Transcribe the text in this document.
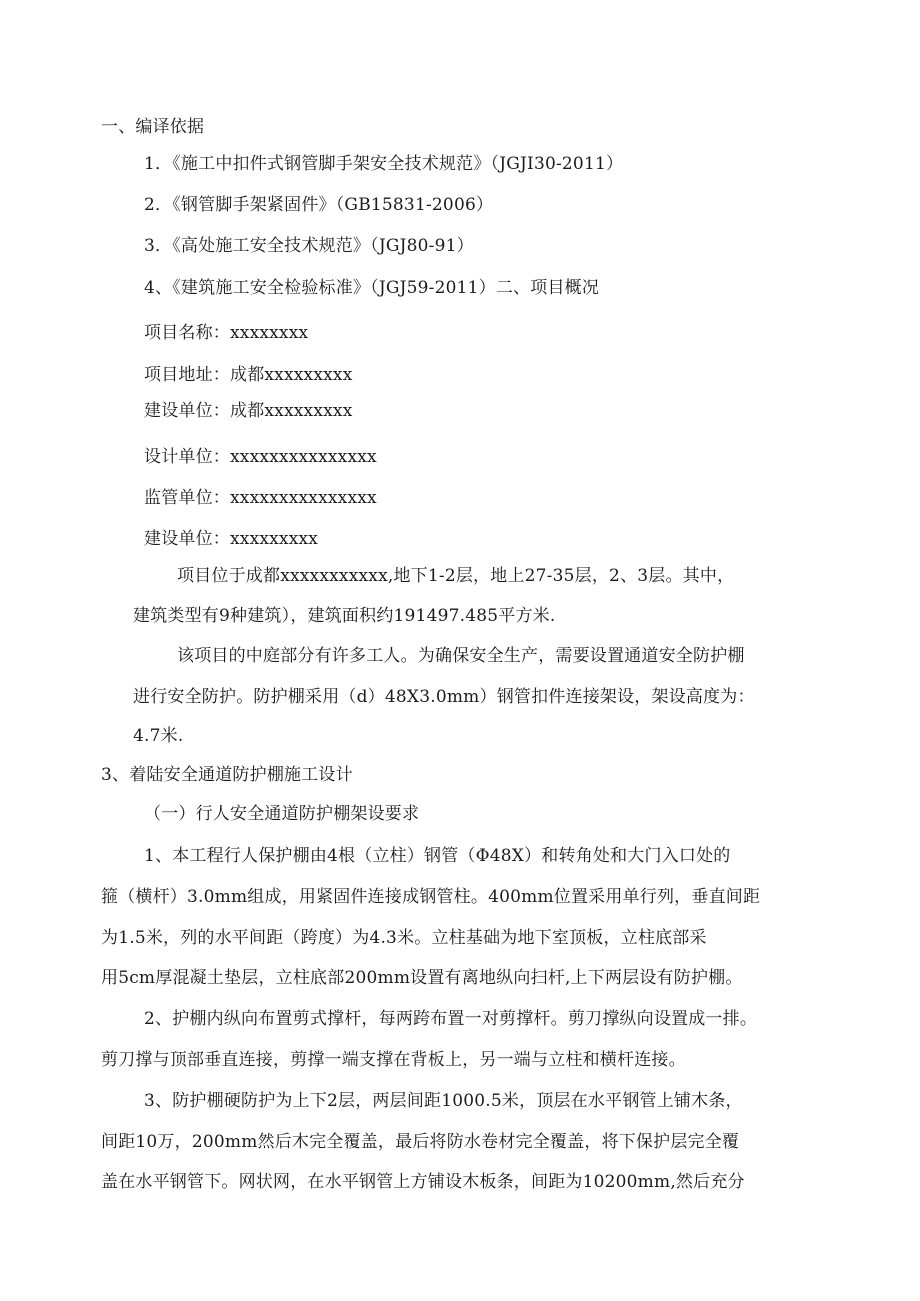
一、编译依据
1．《施工中扣件式钢管脚手架安全技术规范》（JGJI30-2011）
2．《钢管脚手架紧固件》（GB15831-2006）
3．《高处施工安全技术规范》（JGJ80-91）
4、《建筑施工安全检验标准》（JGJ59-2011）二、项目概况
项目名称：xxxxxxxx
项目地址：成都xxxxxxxxx
建设单位：成都xxxxxxxxx
设计单位：xxxxxxxxxxxxxxx
监管单位：xxxxxxxxxxxxxxx
建设单位：xxxxxxxxx
项目位于成都xxxxxxxxxxx,地下1-2层，地上27-35层，2、3层。其中，
建筑类型有9种建筑），建筑面积约191497.485平方米.
该项目的中庭部分有许多工人。为确保安全生产，需要设置通道安全防护棚
进行安全防护。防护棚采用（d）48X3.0mm）钢管扣件连接架设，架设高度为：
4.7米.
3、着陆安全通道防护棚施工设计
（一）行人安全通道防护棚架设要求
1、本工程行人保护棚由4根（立柱）钢管（Φ48X）和转角处和大门入口处的
箍（横杆）3.0mm组成，用紧固件连接成钢管柱。400mm位置采用单行列，垂直间距
为1.5米，列的水平间距（跨度）为4.3米。立柱基础为地下室顶板，立柱底部采
用5cm厚混凝土垫层，立柱底部200mm设置有离地纵向扫杆,上下两层设有防护棚。
2、护棚内纵向布置剪式撑杆，每两跨布置一对剪撑杆。剪刀撑纵向设置成一排。
剪刀撑与顶部垂直连接，剪撑一端支撑在背板上，另一端与立柱和横杆连接。
3、防护棚硬防护为上下2层，两层间距1000.5米，顶层在水平钢管上铺木条，
间距10万，200mm然后木完全覆盖，最后将防水卷材完全覆盖，将下保护层完全覆
盖在水平钢管下。网状网，在水平钢管上方铺设木板条，间距为10200mm,然后充分
